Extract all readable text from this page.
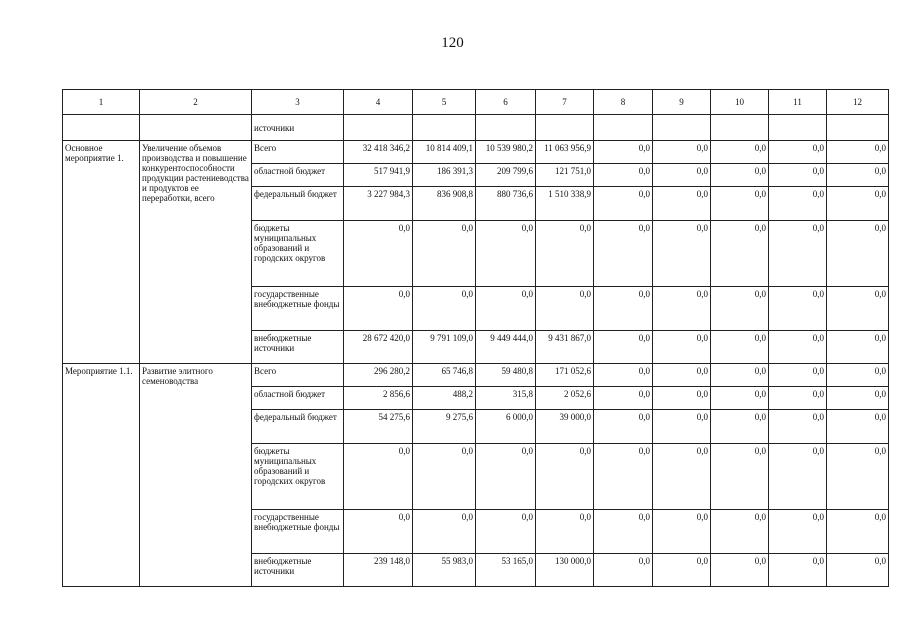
120
1	2	3	4	5	6	7	8	9	10	11	12
		источники									
Основное мероприятие 1.	Увеличение объемов производства и повышение конкурентоспособности продукции растениеводства и продуктов ее переработки, всего	Всего	32 418 346,2	10 814 409,1	10 539 980,2	11 063 956,9	0,0	0,0	0,0	0,0	0,0
		областной бюджет	517 941,9	186 391,3	209 799,6	121 751,0	0,0	0,0	0,0	0,0	0,0
		федеральный бюджет	3 227 984,3	836 908,8	880 736,6	1 510 338,9	0,0	0,0	0,0	0,0	0,0
		бюджеты муниципальных образований и городских округов	0,0	0,0	0,0	0,0	0,0	0,0	0,0	0,0	0,0
		государственные внебюджетные фонды	0,0	0,0	0,0	0,0	0,0	0,0	0,0	0,0	0,0
		внебюджетные источники	28 672 420,0	9 791 109,0	9 449 444,0	9 431 867,0	0,0	0,0	0,0	0,0	0,0
Мероприятие 1.1.	Развитие элитного семеноводства	Всего	296 280,2	65 746,8	59 480,8	171 052,6	0,0	0,0	0,0	0,0	0,0
		областной бюджет	2 856,6	488,2	315,8	2 052,6	0,0	0,0	0,0	0,0	0,0
		федеральный бюджет	54 275,6	9 275,6	6 000,0	39 000,0	0,0	0,0	0,0	0,0	0,0
		бюджеты муниципальных образований и городских округов	0,0	0,0	0,0	0,0	0,0	0,0	0,0	0,0	0,0
		государственные внебюджетные фонды	0,0	0,0	0,0	0,0	0,0	0,0	0,0	0,0	0,0
		внебюджетные источники	239 148,0	55 983,0	53 165,0	130 000,0	0,0	0,0	0,0	0,0	0,0
